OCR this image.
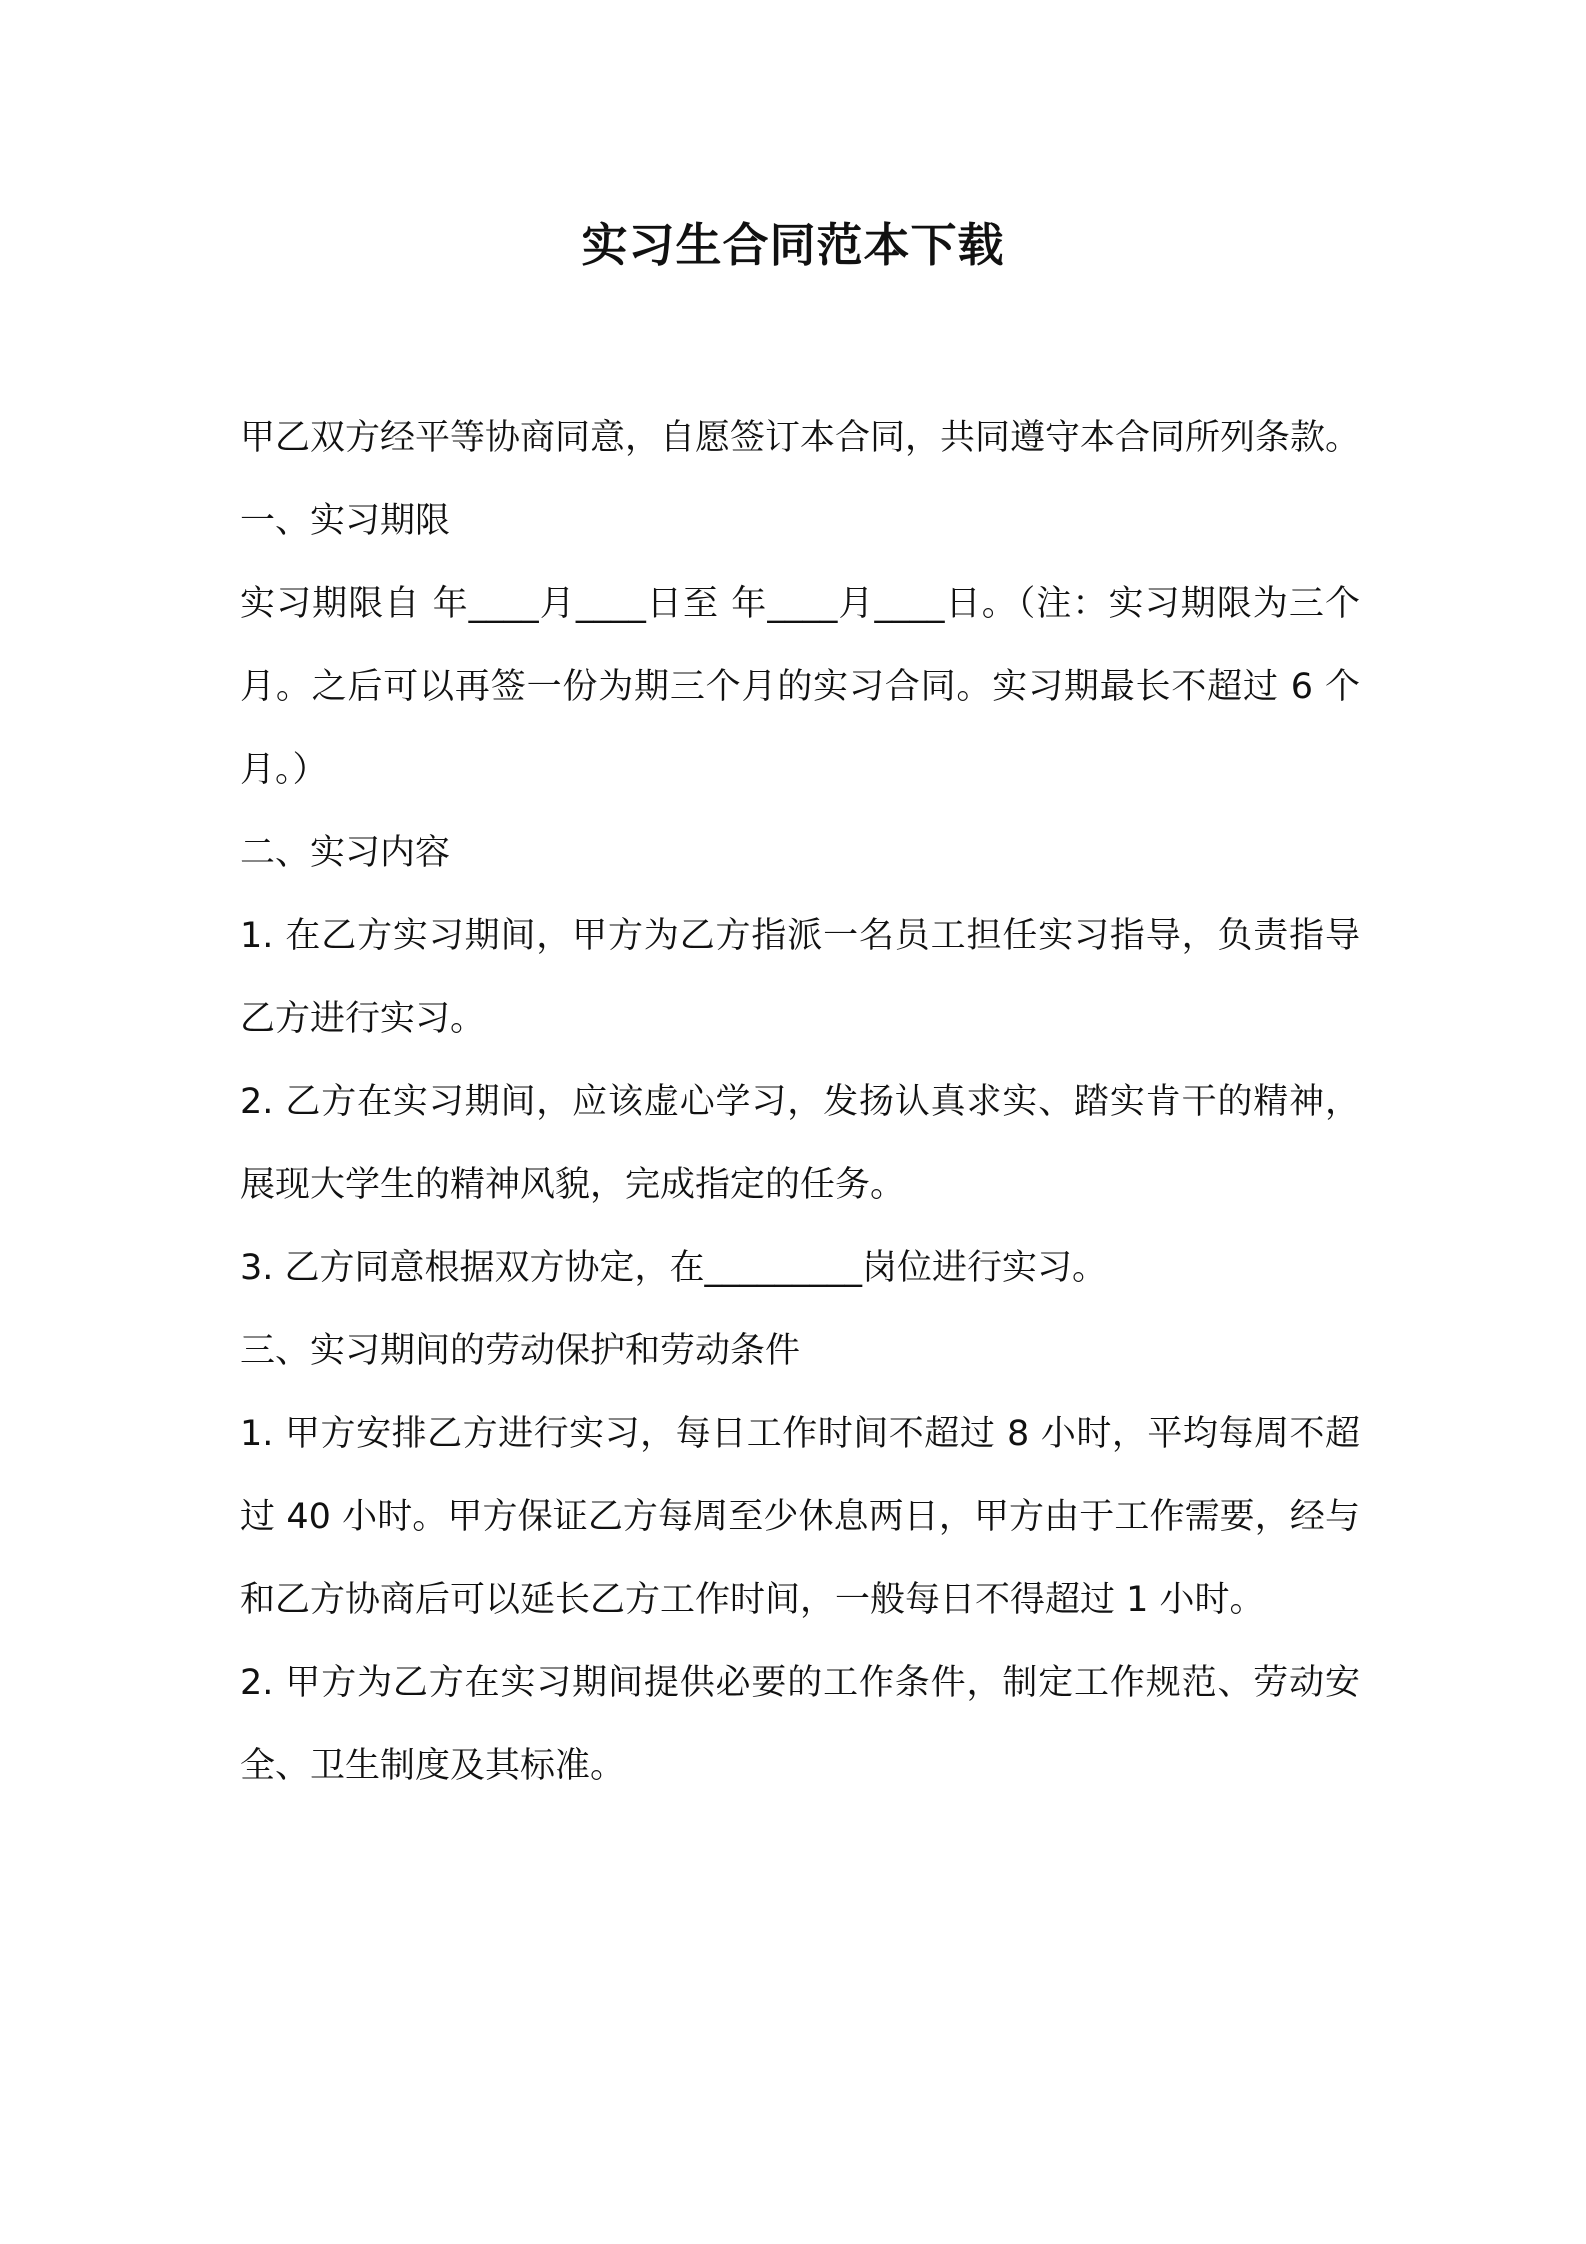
实习生合同范本下载

甲乙双方经平等协商同意，自愿签订本合同，共同遵守本合同所列条款。

一、实习期限

实习期限自 年____月____日至 年____月____日。（注：实习期限为三个月。之后可以再签一份为期三个月的实习合同。实习期最长不超过 6 个月。）

二、实习内容

1. 在乙方实习期间，甲方为乙方指派一名员工担任实习指导，负责指导乙方进行实习。

2. 乙方在实习期间，应该虚心学习，发扬认真求实、踏实肯干的精神，展现大学生的精神风貌，完成指定的任务。

3. 乙方同意根据双方协定，在_________岗位进行实习。

三、实习期间的劳动保护和劳动条件

1. 甲方安排乙方进行实习，每日工作时间不超过 8 小时，平均每周不超过 40 小时。甲方保证乙方每周至少休息两日，甲方由于工作需要，经与和乙方协商后可以延长乙方工作时间，一般每日不得超过 1 小时。

2. 甲方为乙方在实习期间提供必要的工作条件，制定工作规范、劳动安全、卫生制度及其标准。
